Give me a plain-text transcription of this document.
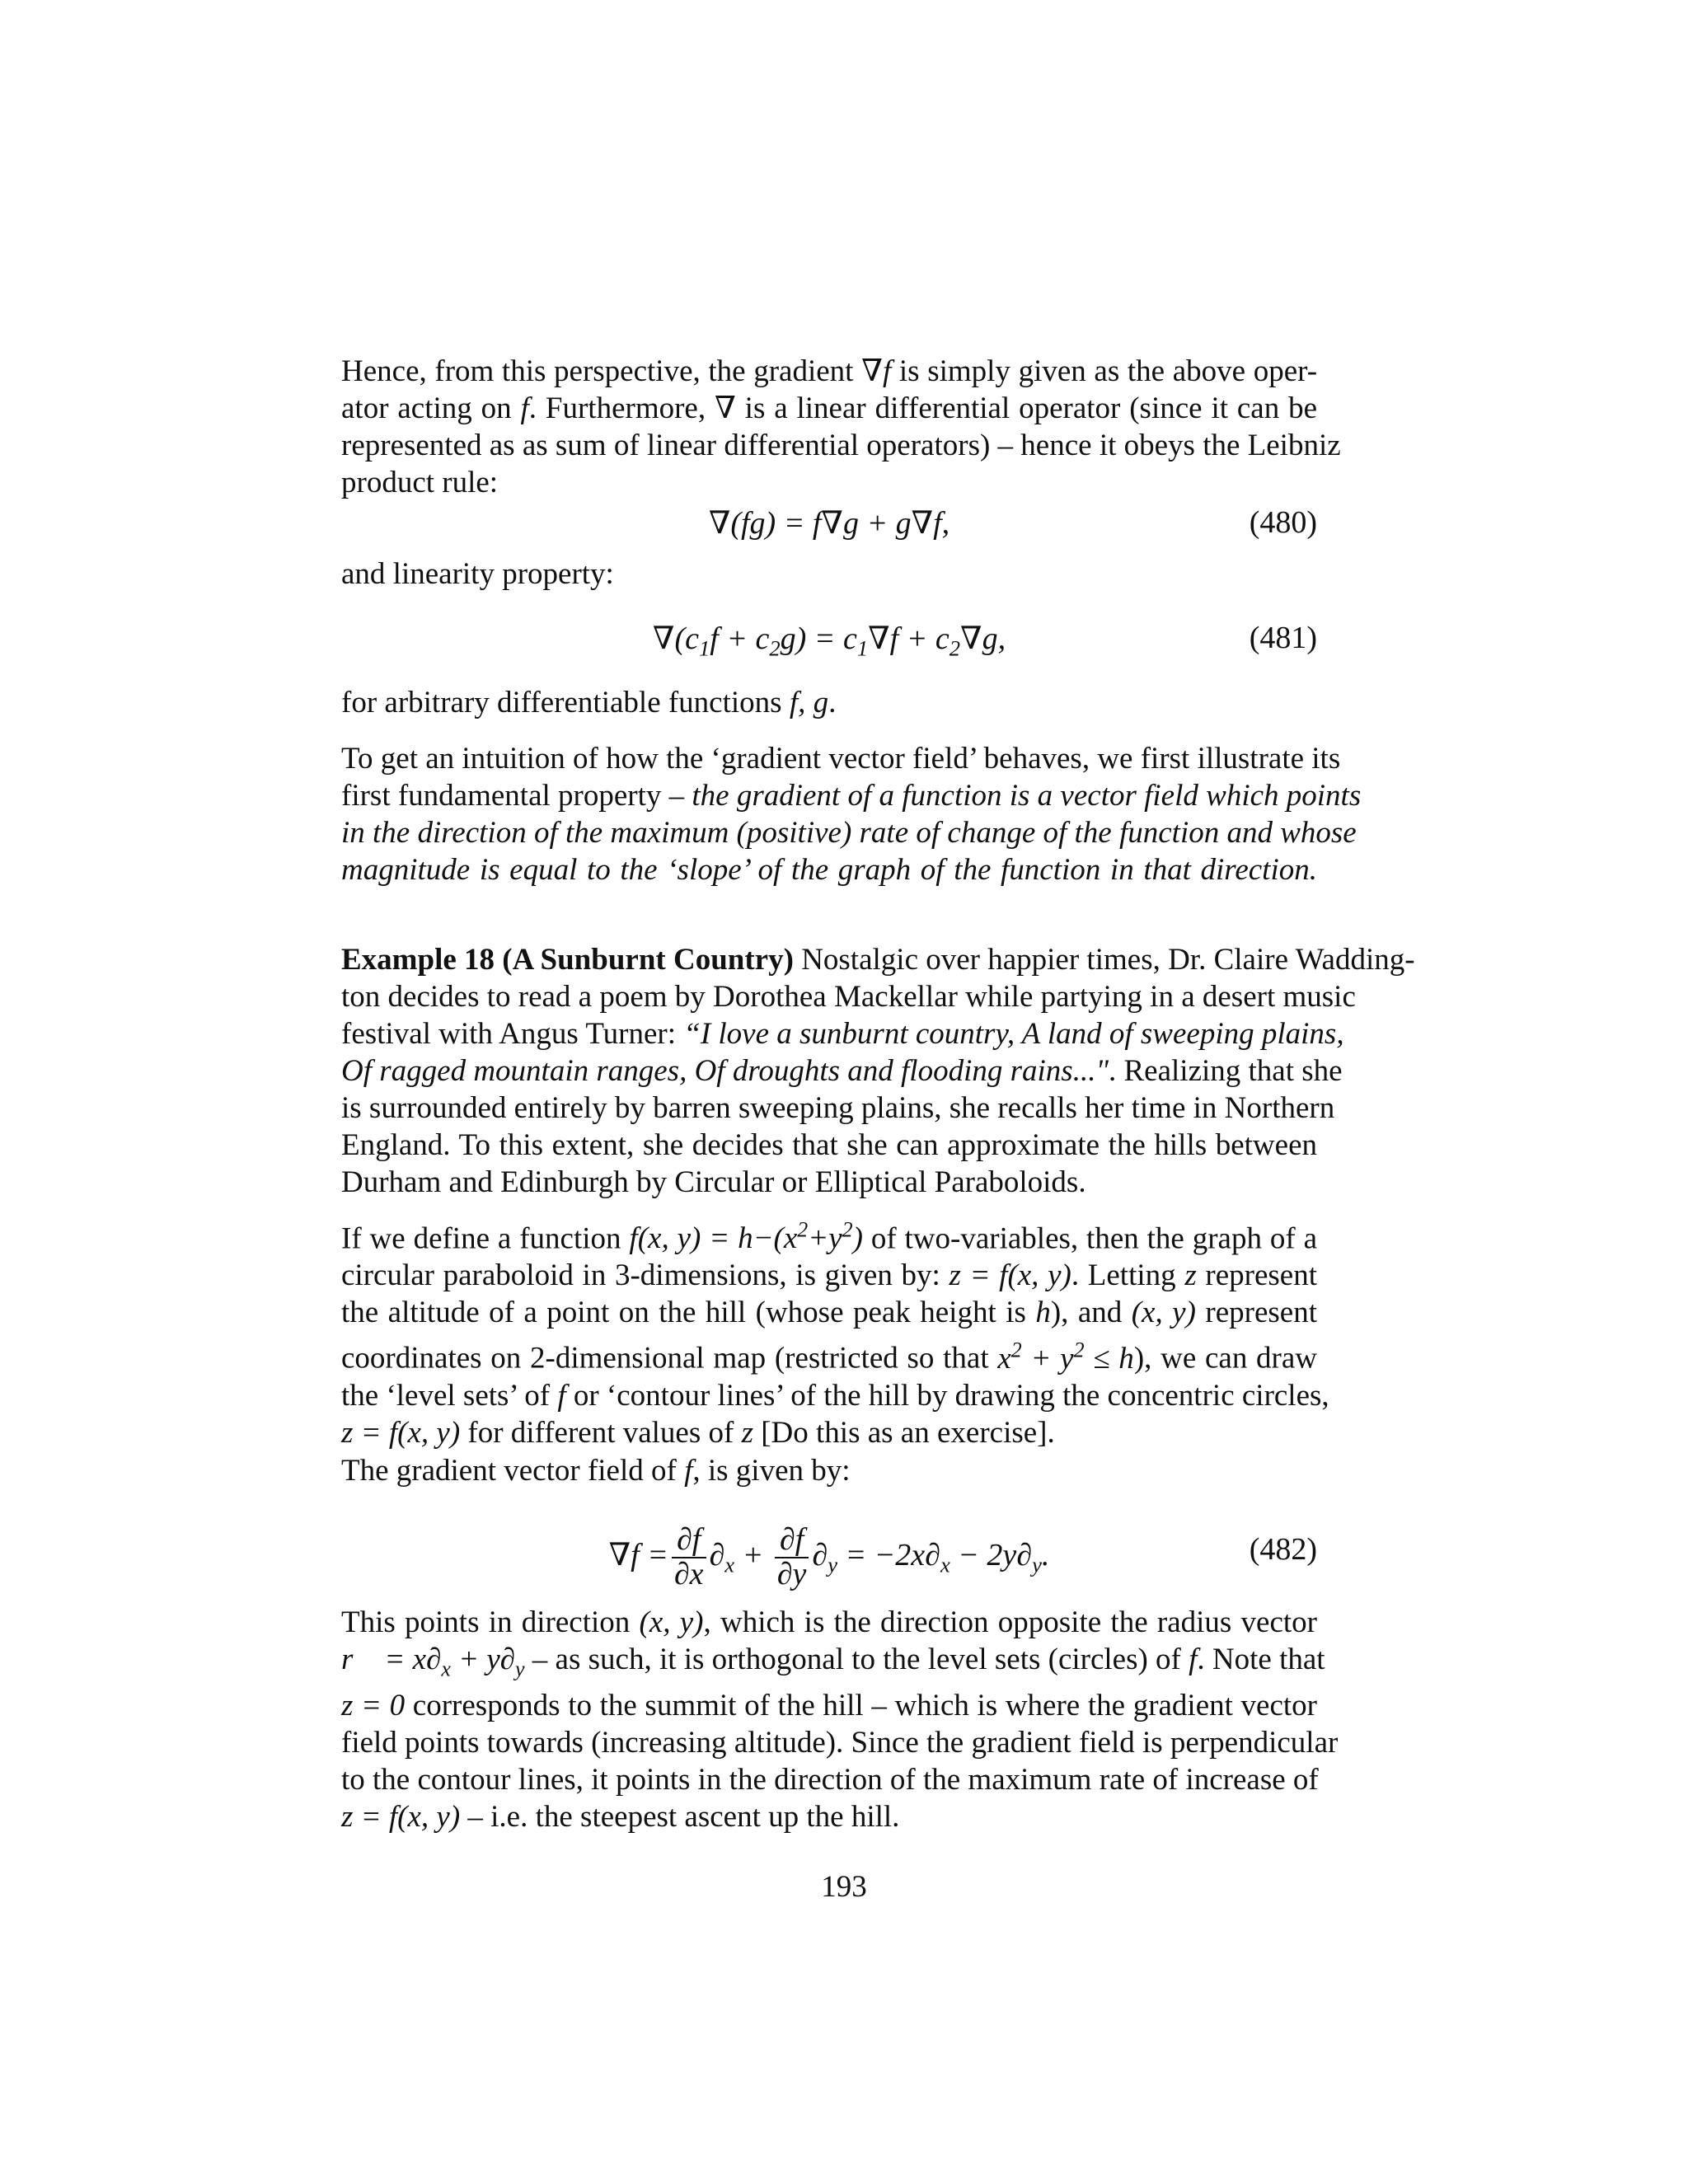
Hence, from this perspective, the gradient ∇f is simply given as the above oper-
ator acting on f. Furthermore, ∇ is a linear differential operator (since it can be
represented as as sum of linear differential operators) – hence it obeys the Leibniz
product rule:
∇(fg) = f∇g + g∇f,	(480)
and linearity property:
$\nabla(c_1f + c_2g) = c_1\nabla f + c_2\nabla g$,	(481)
for arbitrary differentiable functions f, g.
To get an intuition of how the ‘gradient vector field’ behaves, we first illustrate its
first fundamental property – the gradient of a function is a vector field which points
in the direction of the maximum (positive) rate of change of the function and whose
magnitude is equal to the ‘slope’ of the graph of the function in that direction.
Example 18 (A Sunburnt Country) Nostalgic over happier times, Dr. Claire Wadding-
ton decides to read a poem by Dorothea Mackellar while partying in a desert music
festival with Angus Turner: “I love a sunburnt country, A land of sweeping plains,
Of ragged mountain ranges, Of droughts and flooding rains...". Realizing that she
is surrounded entirely by barren sweeping plains, she recalls her time in Northern
England. To this extent, she decides that she can approximate the hills between
Durham and Edinburgh by Circular or Elliptical Paraboloids.
If we define a function f(x, $y) = h-(x^2+y^2)$ of two-variables, then the graph of a
circular paraboloid in 3-dimensions, is given by: z = f(x, y). Letting z represent
the altitude of a point on the hill (whose peak height is h), and (x, y) represent
coordinates on 2-dimensional map (restricted so that $x^2 + y^2 \le h$), we can draw
the ‘level sets’ of f or ‘contour lines’ of the hill by drawing the concentric circles,
z = f(x, y) for different values of z [Do this as an exercise].
The gradient vector field of f, is given by:
$\nabla f = \frac{\partial f}{\partial x} \partial_x + \frac{\partial f}{\partial y} \partial_y = -2x\partial_x - 2y\partial_y$.	(482)
This points in direction (x, y), which is the direction opposite the radius vector
r⃗ = $x\partial_x + y\partial_y$ – as such, it is orthogonal to the level sets (circles) of f. Note that
z = 0 corresponds to the summit of the hill – which is where the gradient vector
field points towards (increasing altitude). Since the gradient field is perpendicular
to the contour lines, it points in the direction of the maximum rate of increase of
z = f(x, y) – i.e. the steepest ascent up the hill.
193
